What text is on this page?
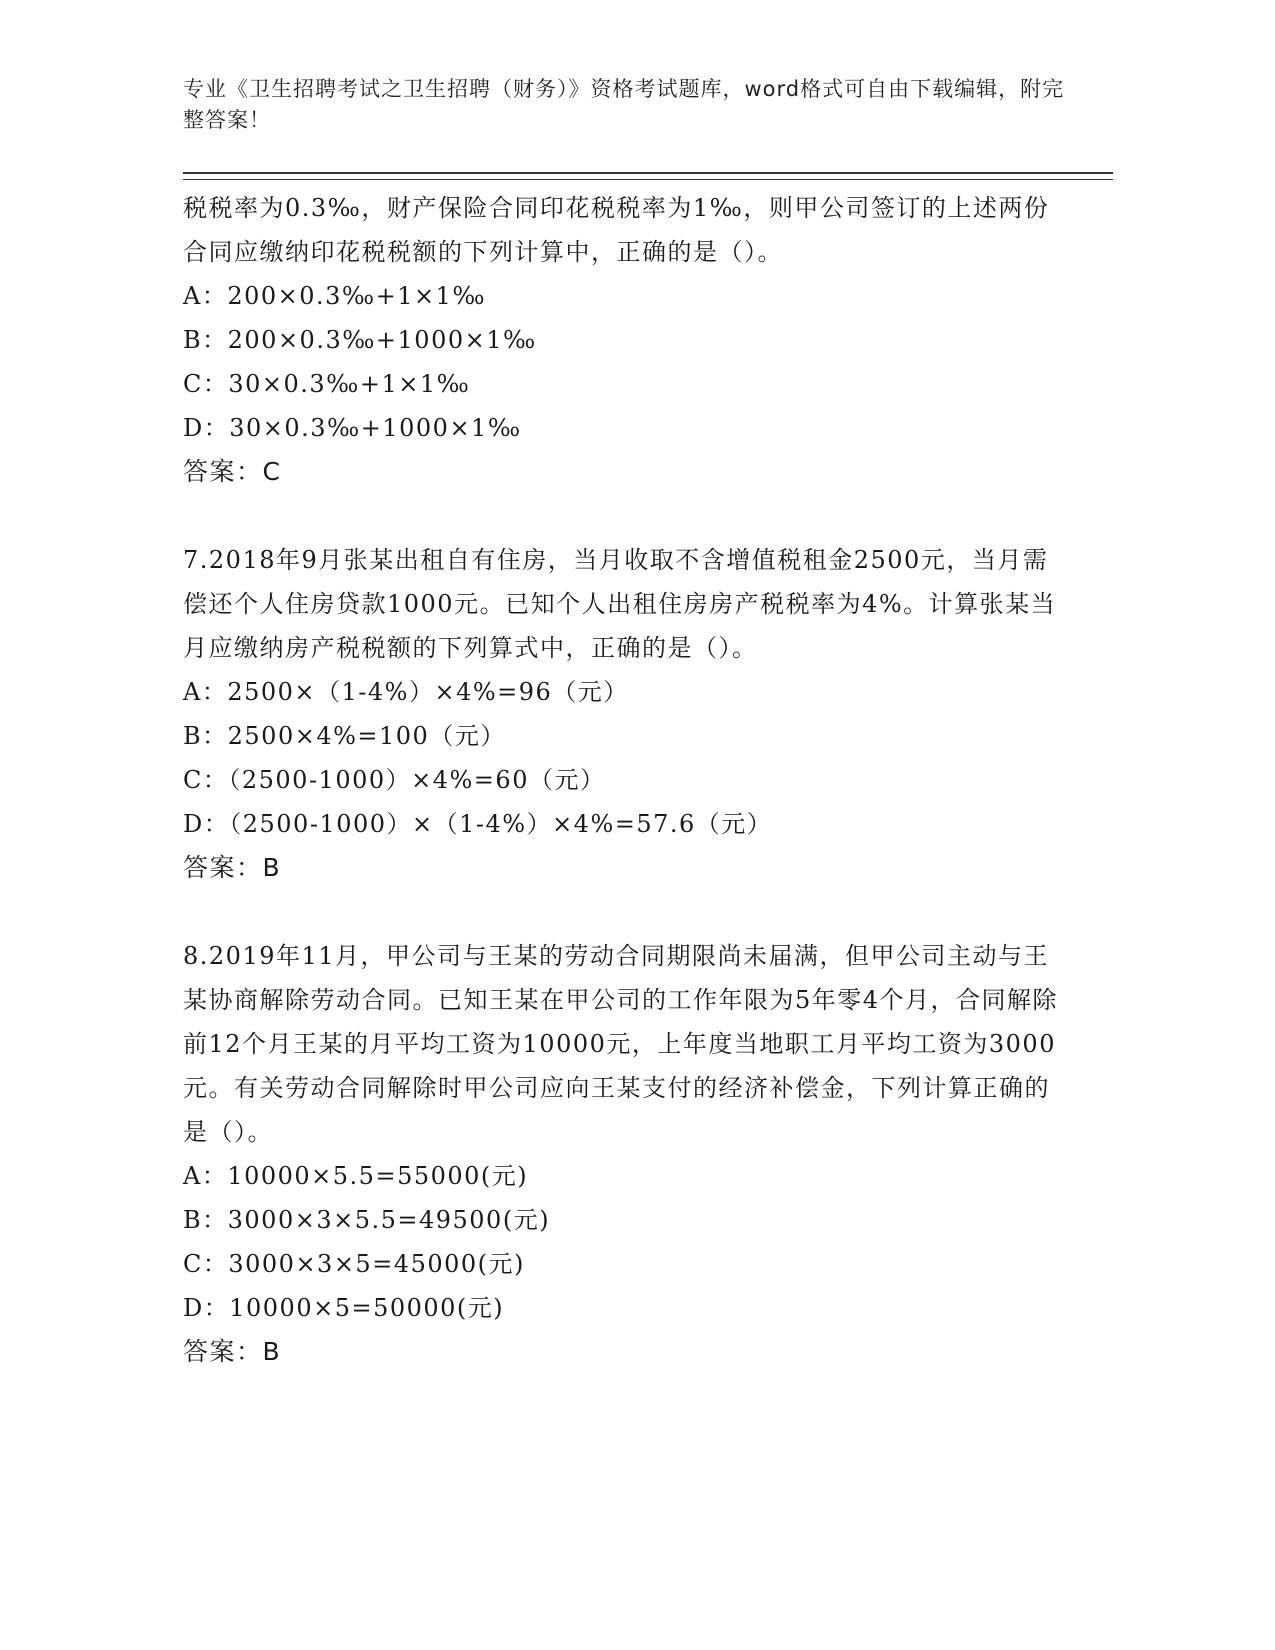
专业《卫生招聘考试之卫生招聘（财务）》资格考试题库，word格式可自由下载编辑，附完整答案！

税税率为0.3‰，财产保险合同印花税税率为1‰，则甲公司签订的上述两份合同应缴纳印花税税额的下列计算中，正确的是（）。

A：200×0.3‰+1×1‰

B：200×0.3‰+1000×1‰

C：30×0.3‰+1×1‰

D：30×0.3‰+1000×1‰

答案：C

7.2018年9月张某出租自有住房，当月收取不含增值税租金2500元，当月需偿还个人住房贷款1000元。已知个人出租住房房产税税率为4%。计算张某当月应缴纳房产税税额的下列算式中，正确的是（）。

A：2500×（1-4%）×4%=96（元）

B：2500×4%=100（元）

C：（2500-1000）×4%=60（元）

D：（2500-1000）×（1-4%）×4%=57.6（元）

答案：B

8.2019年11月，甲公司与王某的劳动合同期限尚未届满，但甲公司主动与王某协商解除劳动合同。已知王某在甲公司的工作年限为5年零4个月，合同解除前12个月王某的月平均工资为10000元，上年度当地职工月平均工资为3000元。有关劳动合同解除时甲公司应向王某支付的经济补偿金，下列计算正确的是（）。

A：10000×5.5=55000(元)

B：3000×3×5.5=49500(元)

C：3000×3×5=45000(元)

D：10000×5=50000(元)

答案：B
